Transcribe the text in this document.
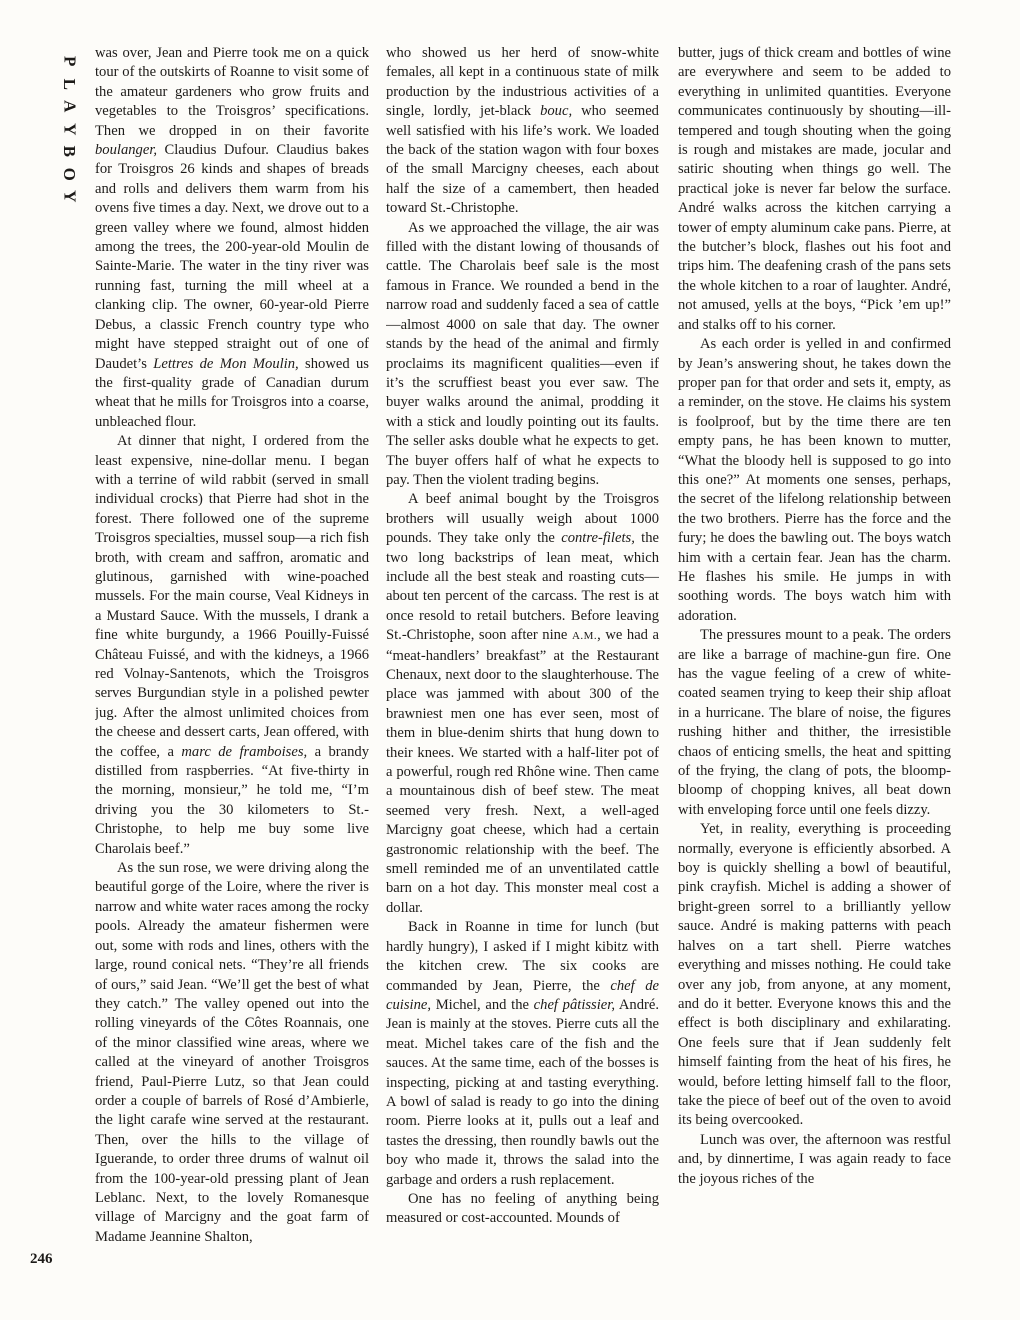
P
L
A
Y
B
O
Y
246

was over, Jean and Pierre took me on a quick tour of the outskirts of Roanne to visit some of the amateur gardeners who grow fruits and vegetables to the Troisgros’ specifications. Then we dropped in on their favorite boulanger, Claudius Dufour. Claudius bakes for Troisgros 26 kinds and shapes of breads and rolls and delivers them warm from his ovens five times a day. Next, we drove out to a green valley where we found, almost hidden among the trees, the 200-year-old Moulin de Sainte-Marie. The water in the tiny river was running fast, turning the mill wheel at a clanking clip. The owner, 60-year-old Pierre Debus, a classic French country type who might have stepped straight out of one of Daudet’s Lettres de Mon Moulin, showed us the first-quality grade of Canadian durum wheat that he mills for Troisgros into a coarse, unbleached flour.

At dinner that night, I ordered from the least expensive, nine-dollar menu. I began with a terrine of wild rabbit (served in small individual crocks) that Pierre had shot in the forest. There followed one of the supreme Troisgros specialties, mussel soup—a rich fish broth, with cream and saffron, aromatic and glutinous, garnished with wine-poached mussels. For the main course, Veal Kidneys in a Mustard Sauce. With the mussels, I drank a fine white burgundy, a 1966 Pouilly-Fuissé Château Fuissé, and with the kidneys, a 1966 red Volnay-Santenots, which the Troisgros serves Burgundian style in a polished pewter jug. After the almost unlimited choices from the cheese and dessert carts, Jean offered, with the coffee, a marc de framboises, a brandy distilled from raspberries. “At five-thirty in the morning, monsieur,” he told me, “I’m driving you the 30 kilometers to St.-Christophe, to help me buy some live Charolais beef.”

As the sun rose, we were driving along the beautiful gorge of the Loire, where the river is narrow and white water races among the rocky pools. Already the amateur fishermen were out, some with rods and lines, others with the large, round conical nets. “They’re all friends of ours,” said Jean. “We’ll get the best of what they catch.” The valley opened out into the rolling vineyards of the Côtes Roannais, one of the minor classified wine areas, where we called at the vineyard of another Troisgros friend, Paul-Pierre Lutz, so that Jean could order a couple of barrels of Rosé d’Ambierle, the light carafe wine served at the restaurant. Then, over the hills to the village of Iguerande, to order three drums of walnut oil from the 100-year-old pressing plant of Jean Leblanc. Next, to the lovely Romanesque village of Marcigny and the goat farm of Madame Jeannine Shalton,

who showed us her herd of snow-white females, all kept in a continuous state of milk production by the industrious activities of a single, lordly, jet-black bouc, who seemed well satisfied with his life’s work. We loaded the back of the station wagon with four boxes of the small Marcigny cheeses, each about half the size of a camembert, then headed toward St.-Christophe.

As we approached the village, the air was filled with the distant lowing of thousands of cattle. The Charolais beef sale is the most famous in France. We rounded a bend in the narrow road and suddenly faced a sea of cattle—almost 4000 on sale that day. The owner stands by the head of the animal and firmly proclaims its magnificent qualities—even if it’s the scruffiest beast you ever saw. The buyer walks around the animal, prodding it with a stick and loudly pointing out its faults. The seller asks double what he expects to get. The buyer offers half of what he expects to pay. Then the violent trading begins.

A beef animal bought by the Troisgros brothers will usually weigh about 1000 pounds. They take only the contre-filets, the two long backstrips of lean meat, which include all the best steak and roasting cuts—about ten percent of the carcass. The rest is at once resold to retail butchers. Before leaving St.-Christophe, soon after nine A.M., we had a “meat-handlers’ breakfast” at the Restaurant Chenaux, next door to the slaughterhouse. The place was jammed with about 300 of the brawniest men one has ever seen, most of them in blue-denim shirts that hung down to their knees. We started with a half-liter pot of a powerful, rough red Rhône wine. Then came a mountainous dish of beef stew. The meat seemed very fresh. Next, a well-aged Marcigny goat cheese, which had a certain gastronomic relationship with the beef. The smell reminded me of an unventilated cattle barn on a hot day. This monster meal cost a dollar.

Back in Roanne in time for lunch (but hardly hungry), I asked if I might kibitz with the kitchen crew. The six cooks are commanded by Jean, Pierre, the chef de cuisine, Michel, and the chef pâtissier, André. Jean is mainly at the stoves. Pierre cuts all the meat. Michel takes care of the fish and the sauces. At the same time, each of the bosses is inspecting, picking at and tasting everything. A bowl of salad is ready to go into the dining room. Pierre looks at it, pulls out a leaf and tastes the dressing, then roundly bawls out the boy who made it, throws the salad into the garbage and orders a rush replacement.

One has no feeling of anything being measured or cost-accounted. Mounds of

butter, jugs of thick cream and bottles of wine are everywhere and seem to be added to everything in unlimited quantities. Everyone communicates continuously by shouting—ill-tempered and tough shouting when the going is rough and mistakes are made, jocular and satiric shouting when things go well. The practical joke is never far below the surface. André walks across the kitchen carrying a tower of empty aluminum cake pans. Pierre, at the butcher’s block, flashes out his foot and trips him. The deafening crash of the pans sets the whole kitchen to a roar of laughter. André, not amused, yells at the boys, “Pick ’em up!” and stalks off to his corner.

As each order is yelled in and confirmed by Jean’s answering shout, he takes down the proper pan for that order and sets it, empty, as a reminder, on the stove. He claims his system is foolproof, but by the time there are ten empty pans, he has been known to mutter, “What the bloody hell is supposed to go into this one?” At moments one senses, perhaps, the secret of the lifelong relationship between the two brothers. Pierre has the force and the fury; he does the bawling out. The boys watch him with a certain fear. Jean has the charm. He flashes his smile. He jumps in with soothing words. The boys watch him with adoration.

The pressures mount to a peak. The orders are like a barrage of machine-gun fire. One has the vague feeling of a crew of white-coated seamen trying to keep their ship afloat in a hurricane. The blare of noise, the figures rushing hither and thither, the irresistible chaos of enticing smells, the heat and spitting of the frying, the clang of pots, the bloomp-bloomp of chopping knives, all beat down with enveloping force until one feels dizzy.

Yet, in reality, everything is proceeding normally, everyone is efficiently absorbed. A boy is quickly shelling a bowl of beautiful, pink crayfish. Michel is adding a shower of bright-green sorrel to a brilliantly yellow sauce. André is making patterns with peach halves on a tart shell. Pierre watches everything and misses nothing. He could take over any job, from anyone, at any moment, and do it better. Everyone knows this and the effect is both disciplinary and exhilarating. One feels sure that if Jean suddenly felt himself fainting from the heat of his fires, he would, before letting himself fall to the floor, take the piece of beef out of the oven to avoid its being overcooked.

Lunch was over, the afternoon was restful and, by dinnertime, I was again ready to face the joyous riches of the
